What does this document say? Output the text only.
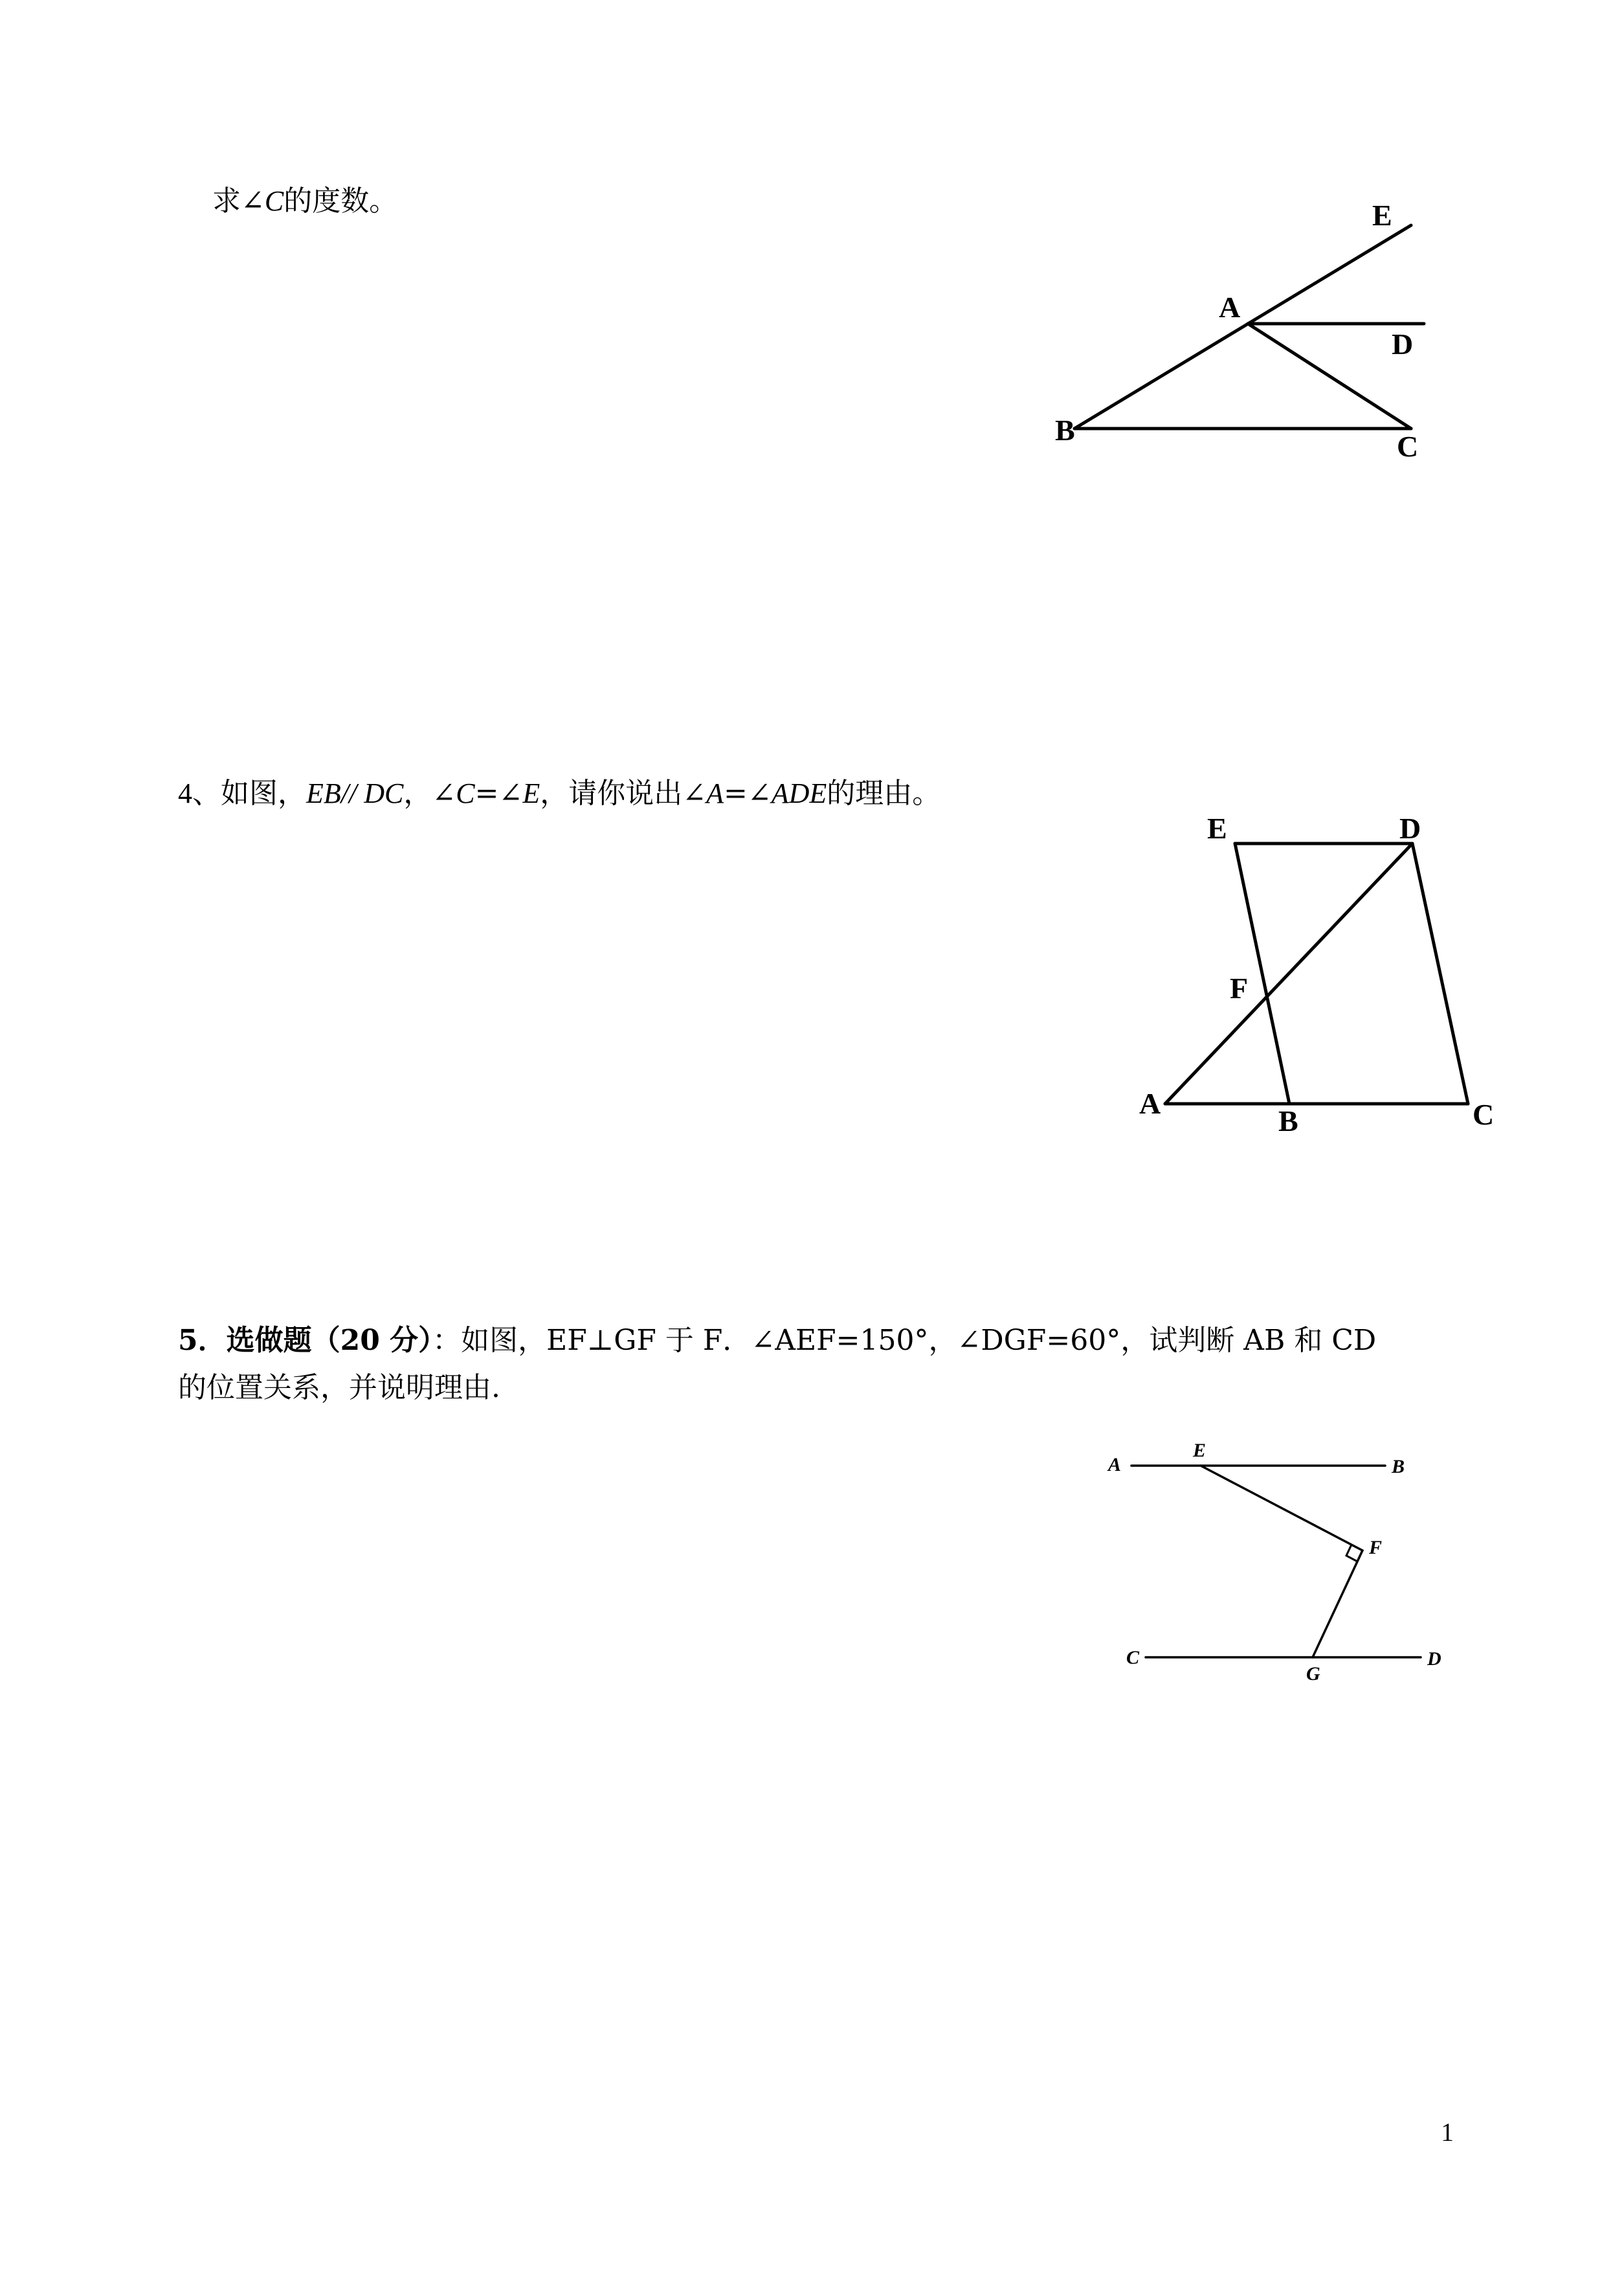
求∠C的度数。	E
A
D
B	C
4、如图，EB// DC，∠C=∠E，请你说出∠A=∠ADE的理由。
E	D
F
A
B	C
5．选做题（20 分）：如图，EF⊥GF 于 F．∠AEF=150°，∠DGF=60°，试判断 AB 和 CD
的位置关系，并说明理由.
A
E
B
F
C
G
D
1
